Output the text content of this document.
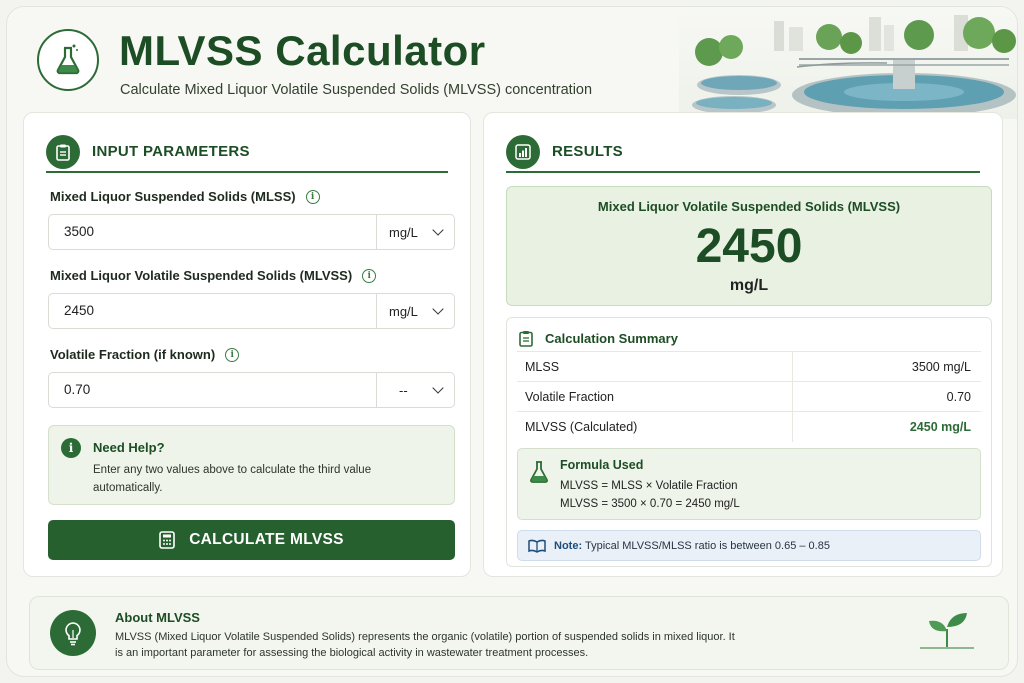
MLVSS Calculator
Calculate Mixed Liquor Volatile Suspended Solids (MLVSS) concentration
INPUT PARAMETERS
Mixed Liquor Suspended Solids (MLSS)	i
3500	mg/L
Mixed Liquor Volatile Suspended Solids (MLVSS)	i
2450	mg/L
Volatile Fraction (if known)	i
0.70	--
i	Need Help?
Enter any two values above to calculate the third value automatically.
CALCULATE MLVSS
RESULTS
Mixed Liquor Volatile Suspended Solids (MLVSS)
2450
mg/L
Calculation Summary
MLSS	3500 mg/L
Volatile Fraction	0.70
MLVSS (Calculated)	2450 mg/L
Formula Used
MLVSS = MLSS × Volatile Fraction
MLVSS = 3500 × 0.70 = 2450 mg/L
Note: Typical MLVSS/MLSS ratio is between 0.65 – 0.85
About MLVSS
MLVSS (Mixed Liquor Volatile Suspended Solids) represents the organic (volatile) portion of suspended solids in mixed liquor. It is an important parameter for assessing the biological activity in wastewater treatment processes.
